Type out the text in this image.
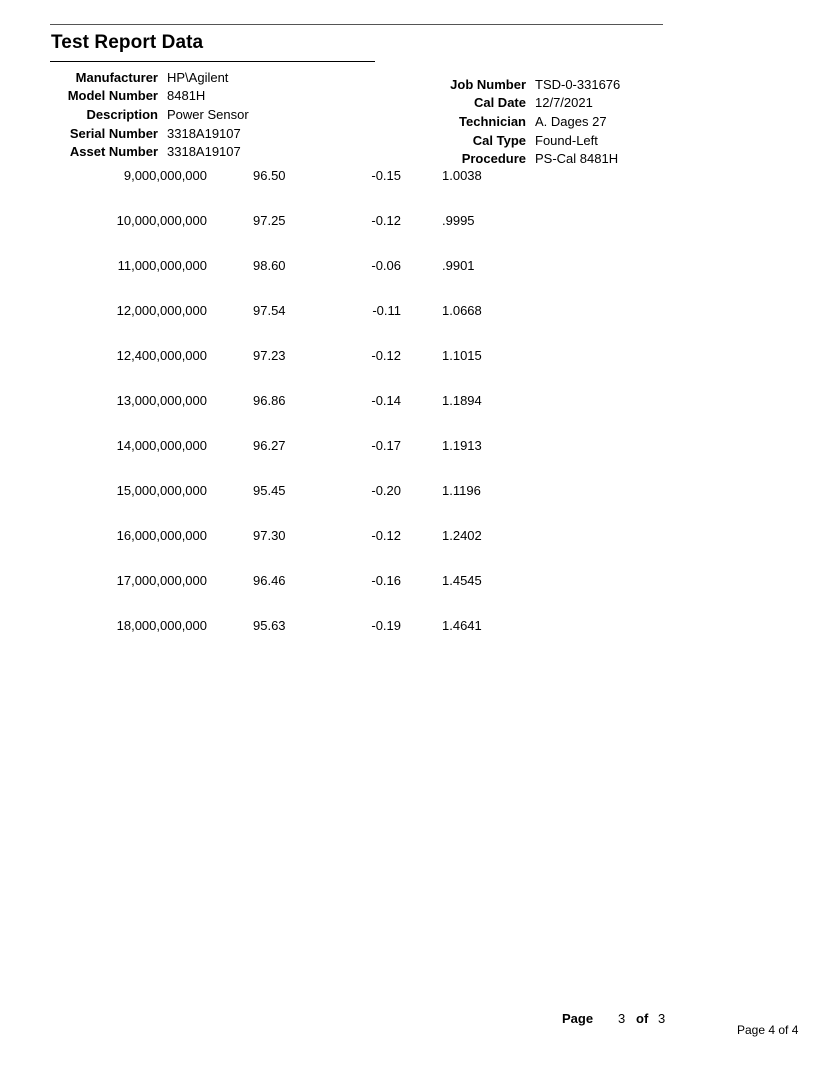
Test Report Data
Manufacturer HP\Agilent
Model Number 8481H
Description Power Sensor
Serial Number 3318A19107
Asset Number 3318A19107
Job Number TSD-0-331676
Cal Date 12/7/2021
Technician A. Dages 27
Cal Type Found-Left
Procedure PS-Cal 8481H
9,000,000,000	96.50	-0.15	1.0038
10,000,000,000	97.25	-0.12	.9995
11,000,000,000	98.60	-0.06	.9901
12,000,000,000	97.54	-0.11	1.0668
12,400,000,000	97.23	-0.12	1.1015
13,000,000,000	96.86	-0.14	1.1894
14,000,000,000	96.27	-0.17	1.1913
15,000,000,000	95.45	-0.20	1.1196
16,000,000,000	97.30	-0.12	1.2402
17,000,000,000	96.46	-0.16	1.4545
18,000,000,000	95.63	-0.19	1.4641
Page 3 of 3
Page 4 of 4
